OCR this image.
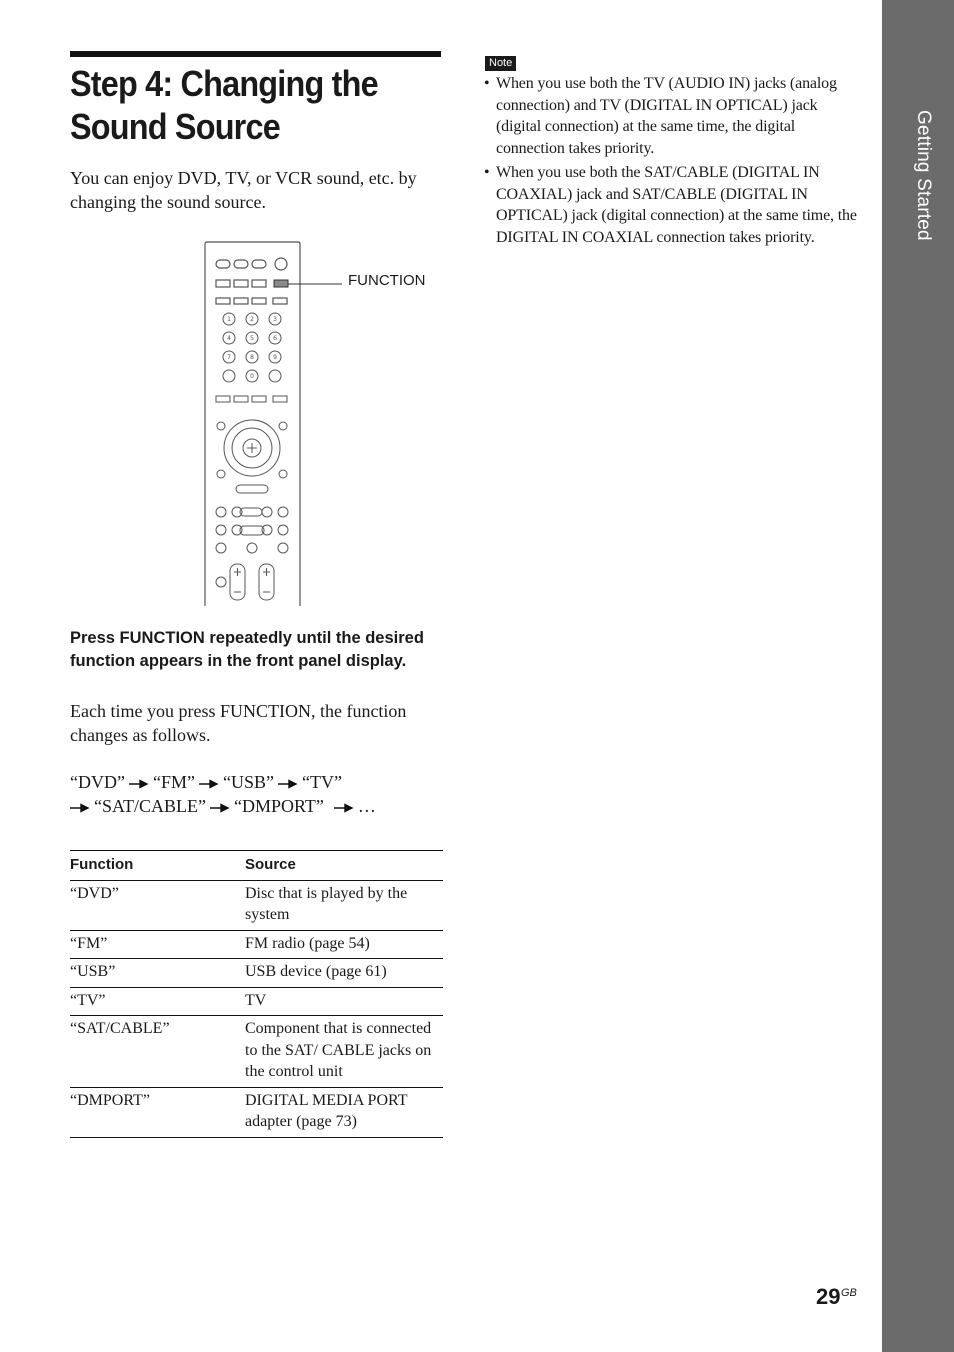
Getting Started
Step 4: Changing the Sound Source

You can enjoy DVD, TV, or VCR sound, etc. by changing the sound source.

1	2	3
4	5	6
7	8	9
0
FUNCTION

Press FUNCTION repeatedly until the desired function appears in the front panel display.

Each time you press FUNCTION, the function changes as follows.

“DVD” “FM” “USB” “TV”
“SAT/CABLE” “DMPORT” …
Function	Source
“DVD”	Disc that is played by the system
“FM”	FM radio (page 54)
“USB”	USB device (page 61)
“TV”	TV
“SAT/CABLE”	Component that is connected to the SAT/ CABLE jacks on the control unit
“DMPORT”	DIGITAL MEDIA PORT adapter (page 73)
Note
• When you use both the TV (AUDIO IN) jacks (analog connection) and TV (DIGITAL IN OPTICAL) jack (digital connection) at the same time, the digital connection takes priority.
• When you use both the SAT/CABLE (DIGITAL IN COAXIAL) jack and SAT/CABLE (DIGITAL IN OPTICAL) jack (digital connection) at the same time, the DIGITAL IN COAXIAL connection takes priority.
29 GB
